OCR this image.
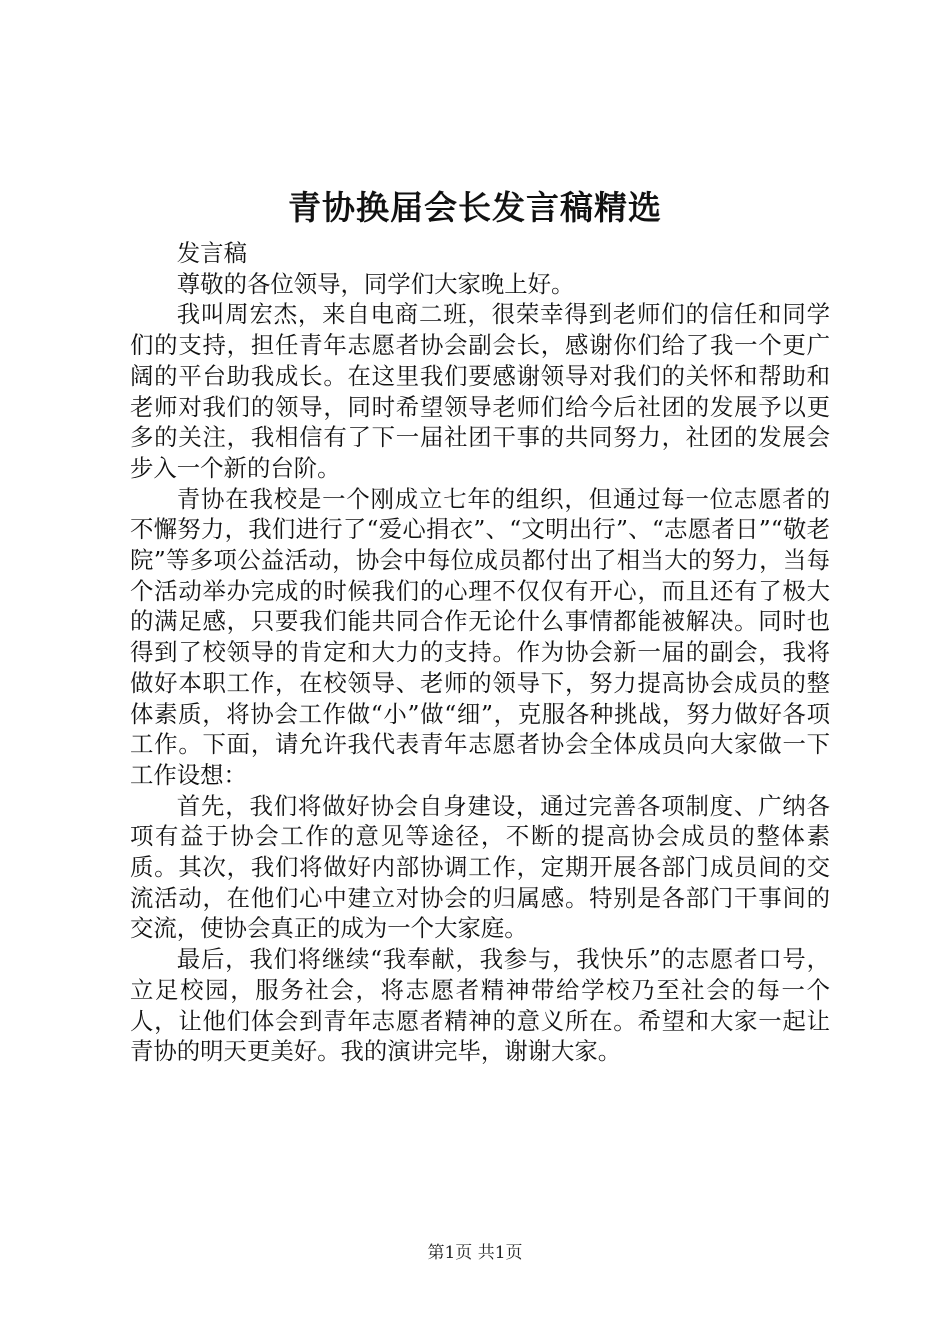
青协换届会长发言稿精选

发言稿

尊敬的各位领导，同学们大家晚上好。

我叫周宏杰，来自电商二班，很荣幸得到老师们的信任和同学们的支持，担任青年志愿者协会副会长，感谢你们给了我一个更广阔的平台助我成长。在这里我们要感谢领导对我们的关怀和帮助和老师对我们的领导，同时希望领导老师们给今后社团的发展予以更多的关注，我相信有了下一届社团干事的共同努力，社团的发展会步入一个新的台阶。

青协在我校是一个刚成立七年的组织，但通过每一位志愿者的不懈努力，我们进行了“爱心捐衣”、“文明出行”、“志愿者日”“敬老院”等多项公益活动，协会中每位成员都付出了相当大的努力，当每个活动举办完成的时候我们的心理不仅仅有开心，而且还有了极大的满足感，只要我们能共同合作无论什么事情都能被解决。同时也得到了校领导的肯定和大力的支持。作为协会新一届的副会，我将做好本职工作，在校领导、老师的领导下，努力提高协会成员的整体素质，将协会工作做“小”做“细”，克服各种挑战，努力做好各项工作。下面，请允许我代表青年志愿者协会全体成员向大家做一下工作设想：

首先，我们将做好协会自身建设，通过完善各项制度、广纳各项有益于协会工作的意见等途径，不断的提高协会成员的整体素质。其次，我们将做好内部协调工作，定期开展各部门成员间的交流活动，在他们心中建立对协会的归属感。特别是各部门干事间的交流，使协会真正的成为一个大家庭。

最后，我们将继续“我奉献，我参与，我快乐”的志愿者口号，立足校园，服务社会，将志愿者精神带给学校乃至社会的每一个人，让他们体会到青年志愿者精神的意义所在。希望和大家一起让青协的明天更美好。我的演讲完毕，谢谢大家。

第1页 共1页
